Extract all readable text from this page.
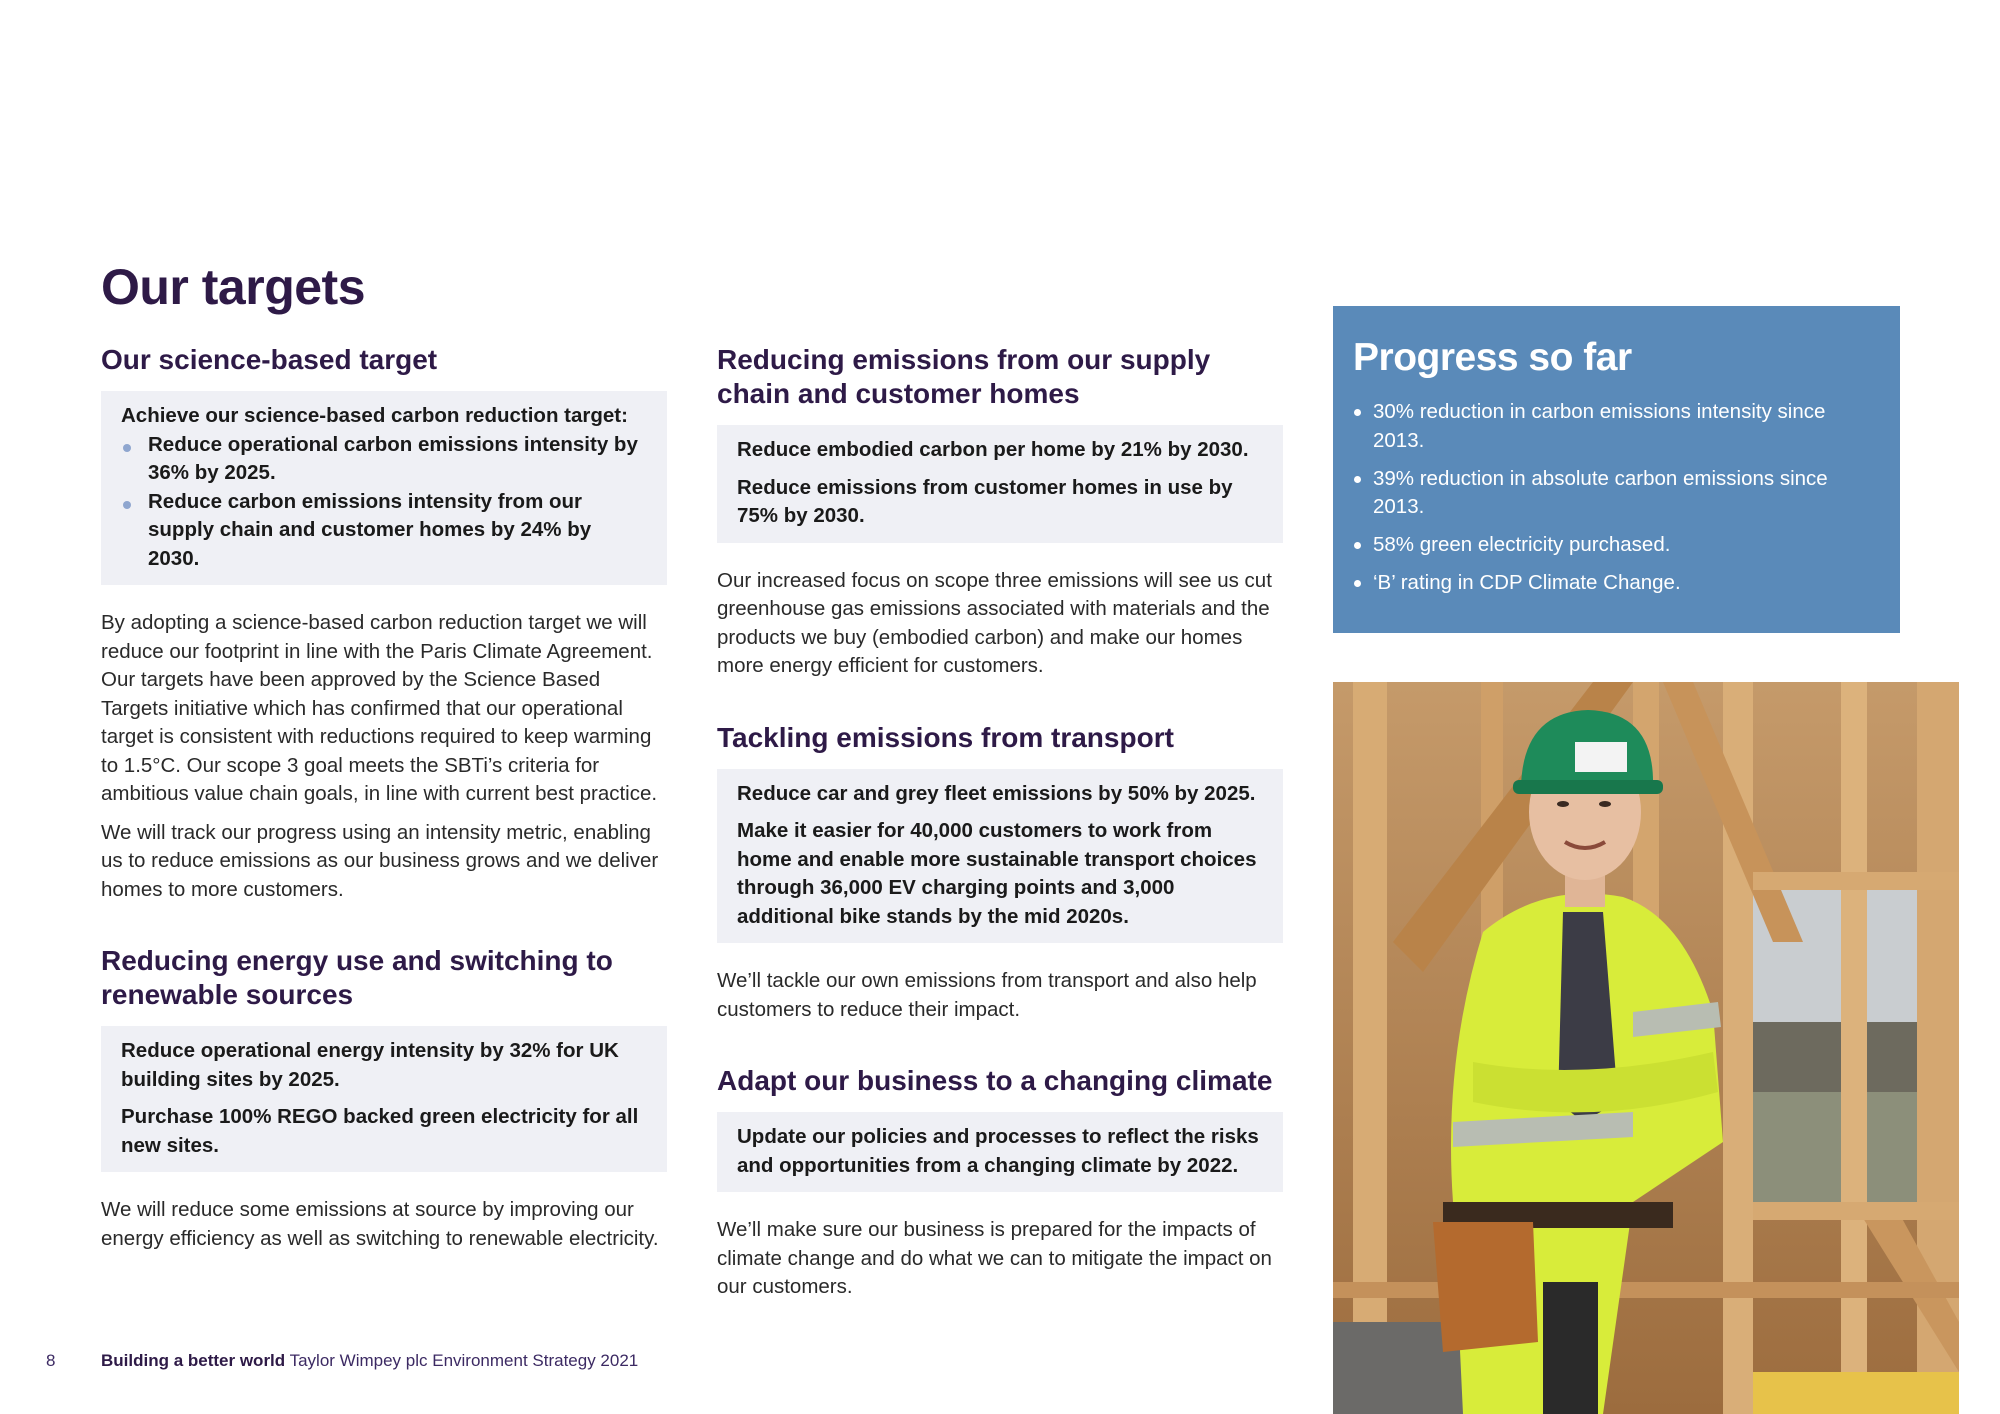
Our targets
Our science-based target

Achieve our science-based carbon reduction target:

Reduce operational carbon emissions intensity by 36% by 2025.
Reduce carbon emissions intensity from our supply chain and customer homes by 24% by 2030.

By adopting a science-based carbon reduction target we will reduce our footprint in line with the Paris Climate Agreement. Our targets have been approved by the Science Based Targets initiative which has confirmed that our operational target is consistent with reductions required to keep warming to 1.5°C. Our scope 3 goal meets the SBTi’s criteria for ambitious value chain goals, in line with current best practice.

We will track our progress using an intensity metric, enabling us to reduce emissions as our business grows and we deliver homes to more customers.

Reducing energy use and switching to renewable sources

Reduce operational energy intensity by 32% for UK building sites by 2025.

Purchase 100% REGO backed green electricity for all new sites.

We will reduce some emissions at source by improving our energy efficiency as well as switching to renewable electricity.

Reducing emissions from our supply chain and customer homes

Reduce embodied carbon per home by 21% by 2030.

Reduce emissions from customer homes in use by 75% by 2030.

Our increased focus on scope three emissions will see us cut greenhouse gas emissions associated with materials and the products we buy (embodied carbon) and make our homes more energy efficient for customers.

Tackling emissions from transport

Reduce car and grey fleet emissions by 50% by 2025.

Make it easier for 40,000 customers to work from home and enable more sustainable transport choices through 36,000 EV charging points and 3,000 additional bike stands by the mid 2020s.

We’ll tackle our own emissions from transport and also help customers to reduce their impact.

Adapt our business to a changing climate

Update our policies and processes to reflect the risks and opportunities from a changing climate by 2022.

We’ll make sure our business is prepared for the impacts of climate change and do what we can to mitigate the impact on our customers.

Progress so far
30% reduction in carbon emissions intensity since 2013.
39% reduction in absolute carbon emissions since 2013.
58% green electricity purchased.
‘B’ rating in CDP Climate Change.
8	Building a better world Taylor Wimpey plc Environment Strategy 2021
